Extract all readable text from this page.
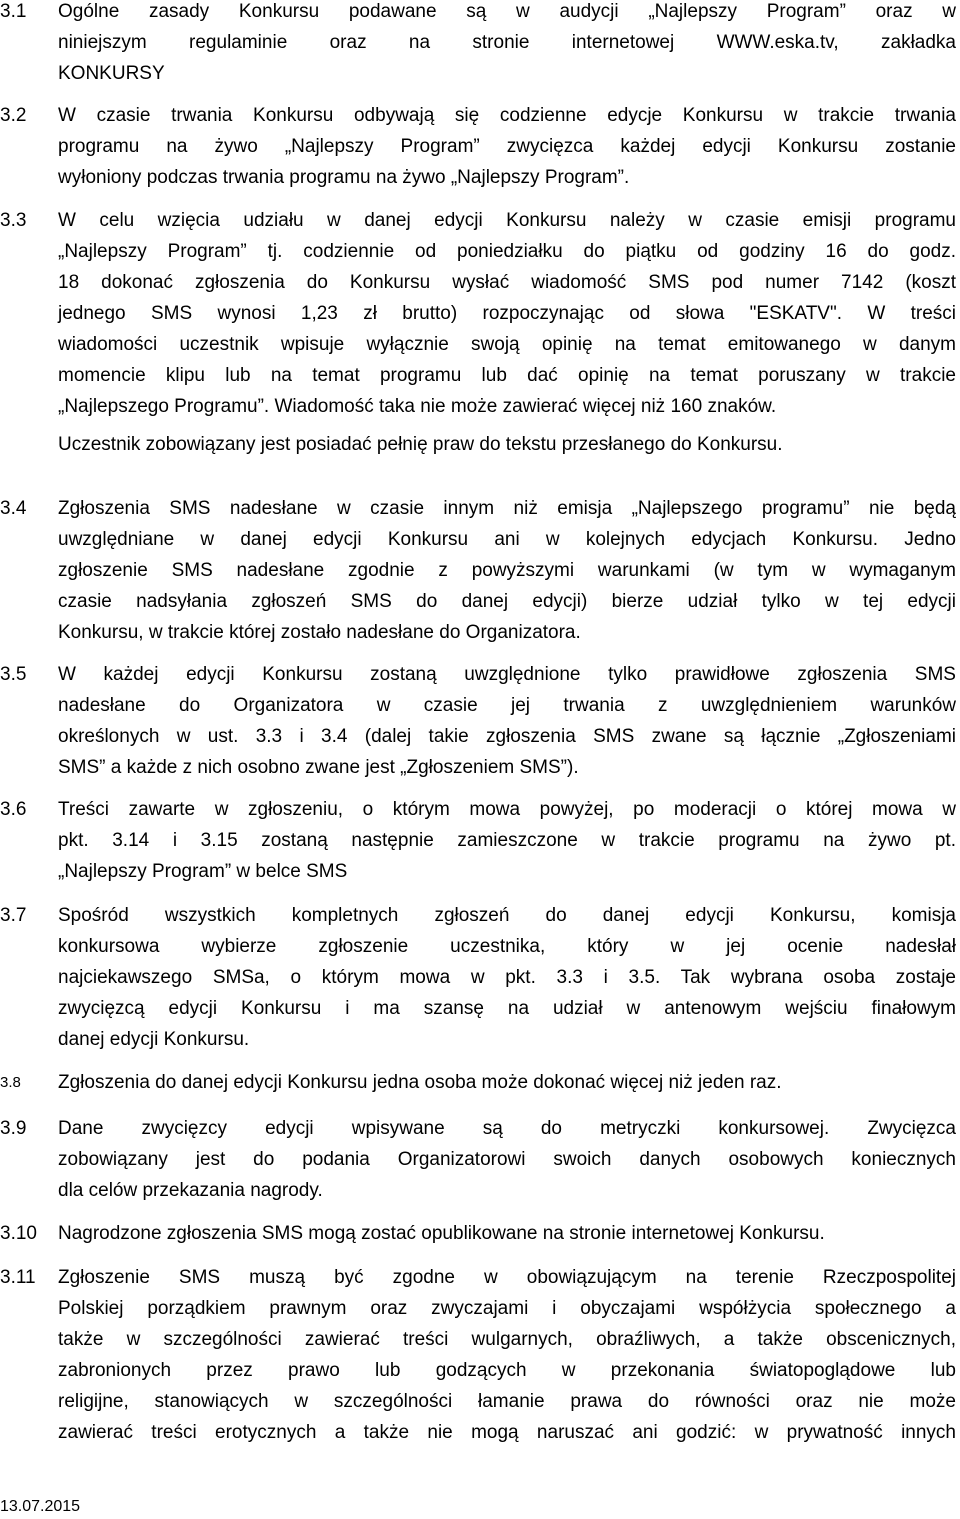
3.1 Ogólne zasady Konkursu podawane są w audycji „Najlepszy Program” oraz w
niniejszym regulaminie oraz na stronie internetowej WWW.eska.tv, zakładka
KONKURSY
3.2 W czasie trwania Konkursu odbywają się codzienne edycje Konkursu w trakcie trwania
programu na żywo „Najlepszy Program” zwycięzca każdej edycji Konkursu zostanie
wyłoniony podczas trwania programu na żywo „Najlepszy Program”.
3.3 W celu wzięcia udziału w danej edycji Konkursu należy w czasie emisji programu
„Najlepszy Program” tj. codziennie od poniedziałku do piątku od godziny 16 do godz.
18 dokonać zgłoszenia do Konkursu wysłać wiadomość SMS pod numer 7142 (koszt
jednego SMS wynosi 1,23 zł brutto) rozpoczynając od słowa "ESKATV". W treści
wiadomości uczestnik wpisuje wyłącznie swoją opinię na temat emitowanego w danym
momencie klipu lub na temat programu lub dać opinię na temat poruszany w trakcie
„Najlepszego Programu”. Wiadomość taka nie może zawierać więcej niż 160 znaków.
Uczestnik zobowiązany jest posiadać pełnię praw do tekstu przesłanego do Konkursu.
3.4 Zgłoszenia SMS nadesłane w czasie innym niż emisja „Najlepszego programu” nie będą
uwzględniane w danej edycji Konkursu ani w kolejnych edycjach Konkursu. Jedno
zgłoszenie SMS nadesłane zgodnie z powyższymi warunkami (w tym w wymaganym
czasie nadsyłania zgłoszeń SMS do danej edycji) bierze udział tylko w tej edycji
Konkursu, w trakcie której zostało nadesłane do Organizatora.
3.5 W każdej edycji Konkursu zostaną uwzględnione tylko prawidłowe zgłoszenia SMS
nadesłane do Organizatora w czasie jej trwania z uwzględnieniem warunków
określonych w ust. 3.3 i 3.4 (dalej takie zgłoszenia SMS zwane są łącznie „Zgłoszeniami
SMS” a każde z nich osobno zwane jest „Zgłoszeniem SMS”).
3.6 Treści zawarte w zgłoszeniu, o którym mowa powyżej, po moderacji o której mowa w
pkt. 3.14 i 3.15 zostaną następnie zamieszczone w trakcie programu na żywo pt.
„Najlepszy Program” w belce SMS
3.7 Spośród wszystkich kompletnych zgłoszeń do danej edycji Konkursu, komisja
konkursowa wybierze zgłoszenie uczestnika, który w jej ocenie nadesłał
najciekawszego SMSa, o którym mowa w pkt. 3.3 i 3.5. Tak wybrana osoba zostaje
zwycięzcą edycji Konkursu i ma szansę na udział w antenowym wejściu finałowym
danej edycji Konkursu.
3.8 Zgłoszenia do danej edycji Konkursu jedna osoba może dokonać więcej niż jeden raz.
3.9 Dane zwycięzcy edycji wpisywane są do metryczki konkursowej. Zwycięzca
zobowiązany jest do podania Organizatorowi swoich danych osobowych koniecznych
dla celów przekazania nagrody.
3.10 Nagrodzone zgłoszenia SMS mogą zostać opublikowane na stronie internetowej Konkursu.
3.11 Zgłoszenie SMS muszą być zgodne w obowiązującym na terenie Rzeczpospolitej
Polskiej porządkiem prawnym oraz zwyczajami i obyczajami współżycia społecznego a
także w szczególności zawierać treści wulgarnych, obraźliwych, a także obscenicznych,
zabronionych przez prawo lub godzących w przekonania światopoglądowe lub
religijne, stanowiących w szczególności łamanie prawa do równości oraz nie może
zawierać treści erotycznych a także nie mogą naruszać ani godzić: w prywatność innych
13.07.2015
